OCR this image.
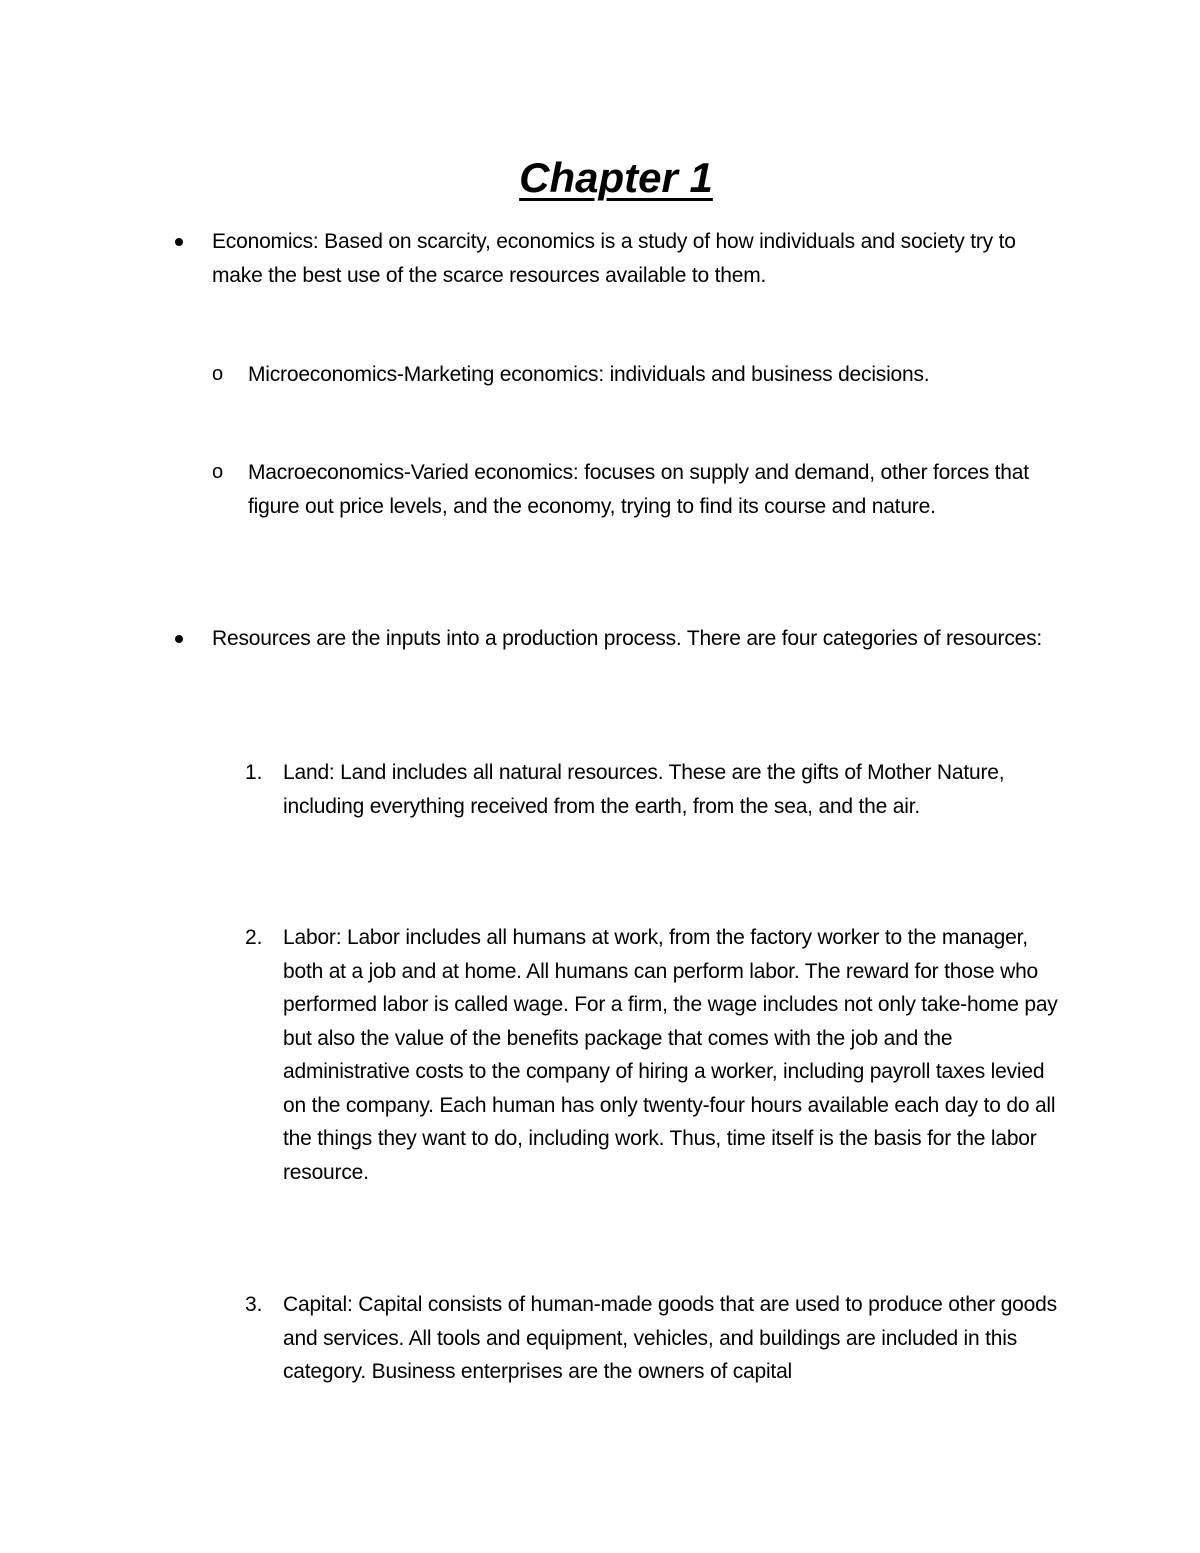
Chapter 1
Economics: Based on scarcity, economics is a study of how individuals and society try to make the best use of the scarce resources available to them.
o Microeconomics-Marketing economics: individuals and business decisions.
o Macroeconomics-Varied economics: focuses on supply and demand, other forces that figure out price levels, and the economy, trying to find its course and nature.
Resources are the inputs into a production process. There are four categories of resources:
1. Land: Land includes all natural resources. These are the gifts of Mother Nature, including everything received from the earth, from the sea, and the air.
2. Labor: Labor includes all humans at work, from the factory worker to the manager, both at a job and at home. All humans can perform labor. The reward for those who performed labor is called wage. For a firm, the wage includes not only take-home pay but also the value of the benefits package that comes with the job and the administrative costs to the company of hiring a worker, including payroll taxes levied on the company. Each human has only twenty-four hours available each day to do all the things they want to do, including work. Thus, time itself is the basis for the labor resource.
3. Capital: Capital consists of human-made goods that are used to produce other goods and services. All tools and equipment, vehicles, and buildings are included in this category. Business enterprises are the owners of capital
